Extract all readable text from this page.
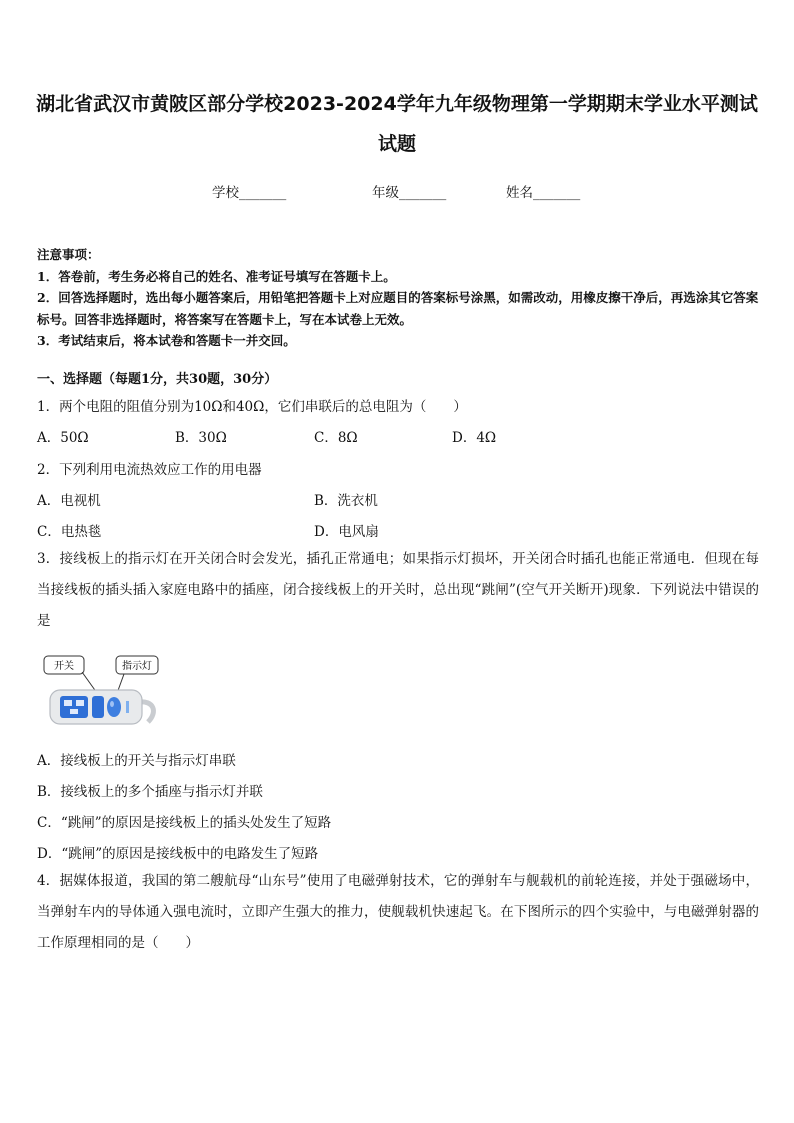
湖北省武汉市黄陂区部分学校2023-2024学年九年级物理第一学期期末学业水平测试试题
学校_______	年级_______	姓名_______
注意事项：
1．答卷前，考生务必将自己的姓名、准考证号填写在答题卡上。
2．回答选择题时，选出每小题答案后，用铅笔把答题卡上对应题目的答案标号涂黑，如需改动，用橡皮擦干净后，再选涂其它答案标号。回答非选择题时，将答案写在答题卡上，写在本试卷上无效。
3．考试结束后，将本试卷和答题卡一并交回。
一、选择题（每题1分，共30题，30分）
1．两个电阻的阻值分别为10Ω和40Ω，它们串联后的总电阻为（　　）
A．50Ω	B．30Ω	C．8Ω	D．4Ω
2．下列利用电流热效应工作的用电器
A．电视机	B．洗衣机
C．电热毯	D．电风扇
3．接线板上的指示灯在开关闭合时会发光，插孔正常通电；如果指示灯损坏，开关闭合时插孔也能正常通电．但现在每当接线板的插头插入家庭电路中的插座，闭合接线板上的开关时，总出现“跳闸”(空气开关断开)现象．下列说法中错误的是
开关	指示灯
A．接线板上的开关与指示灯串联
B．接线板上的多个插座与指示灯并联
C．“跳闸”的原因是接线板上的插头处发生了短路
D．“跳闸”的原因是接线板中的电路发生了短路
4．据媒体报道，我国的第二艘航母“山东号”使用了电磁弹射技术，它的弹射车与舰载机的前轮连接，并处于强磁场中，当弹射车内的导体通入强电流时，立即产生强大的推力，使舰载机快速起飞。在下图所示的四个实验中，与电磁弹射器的工作原理相同的是（　　）
